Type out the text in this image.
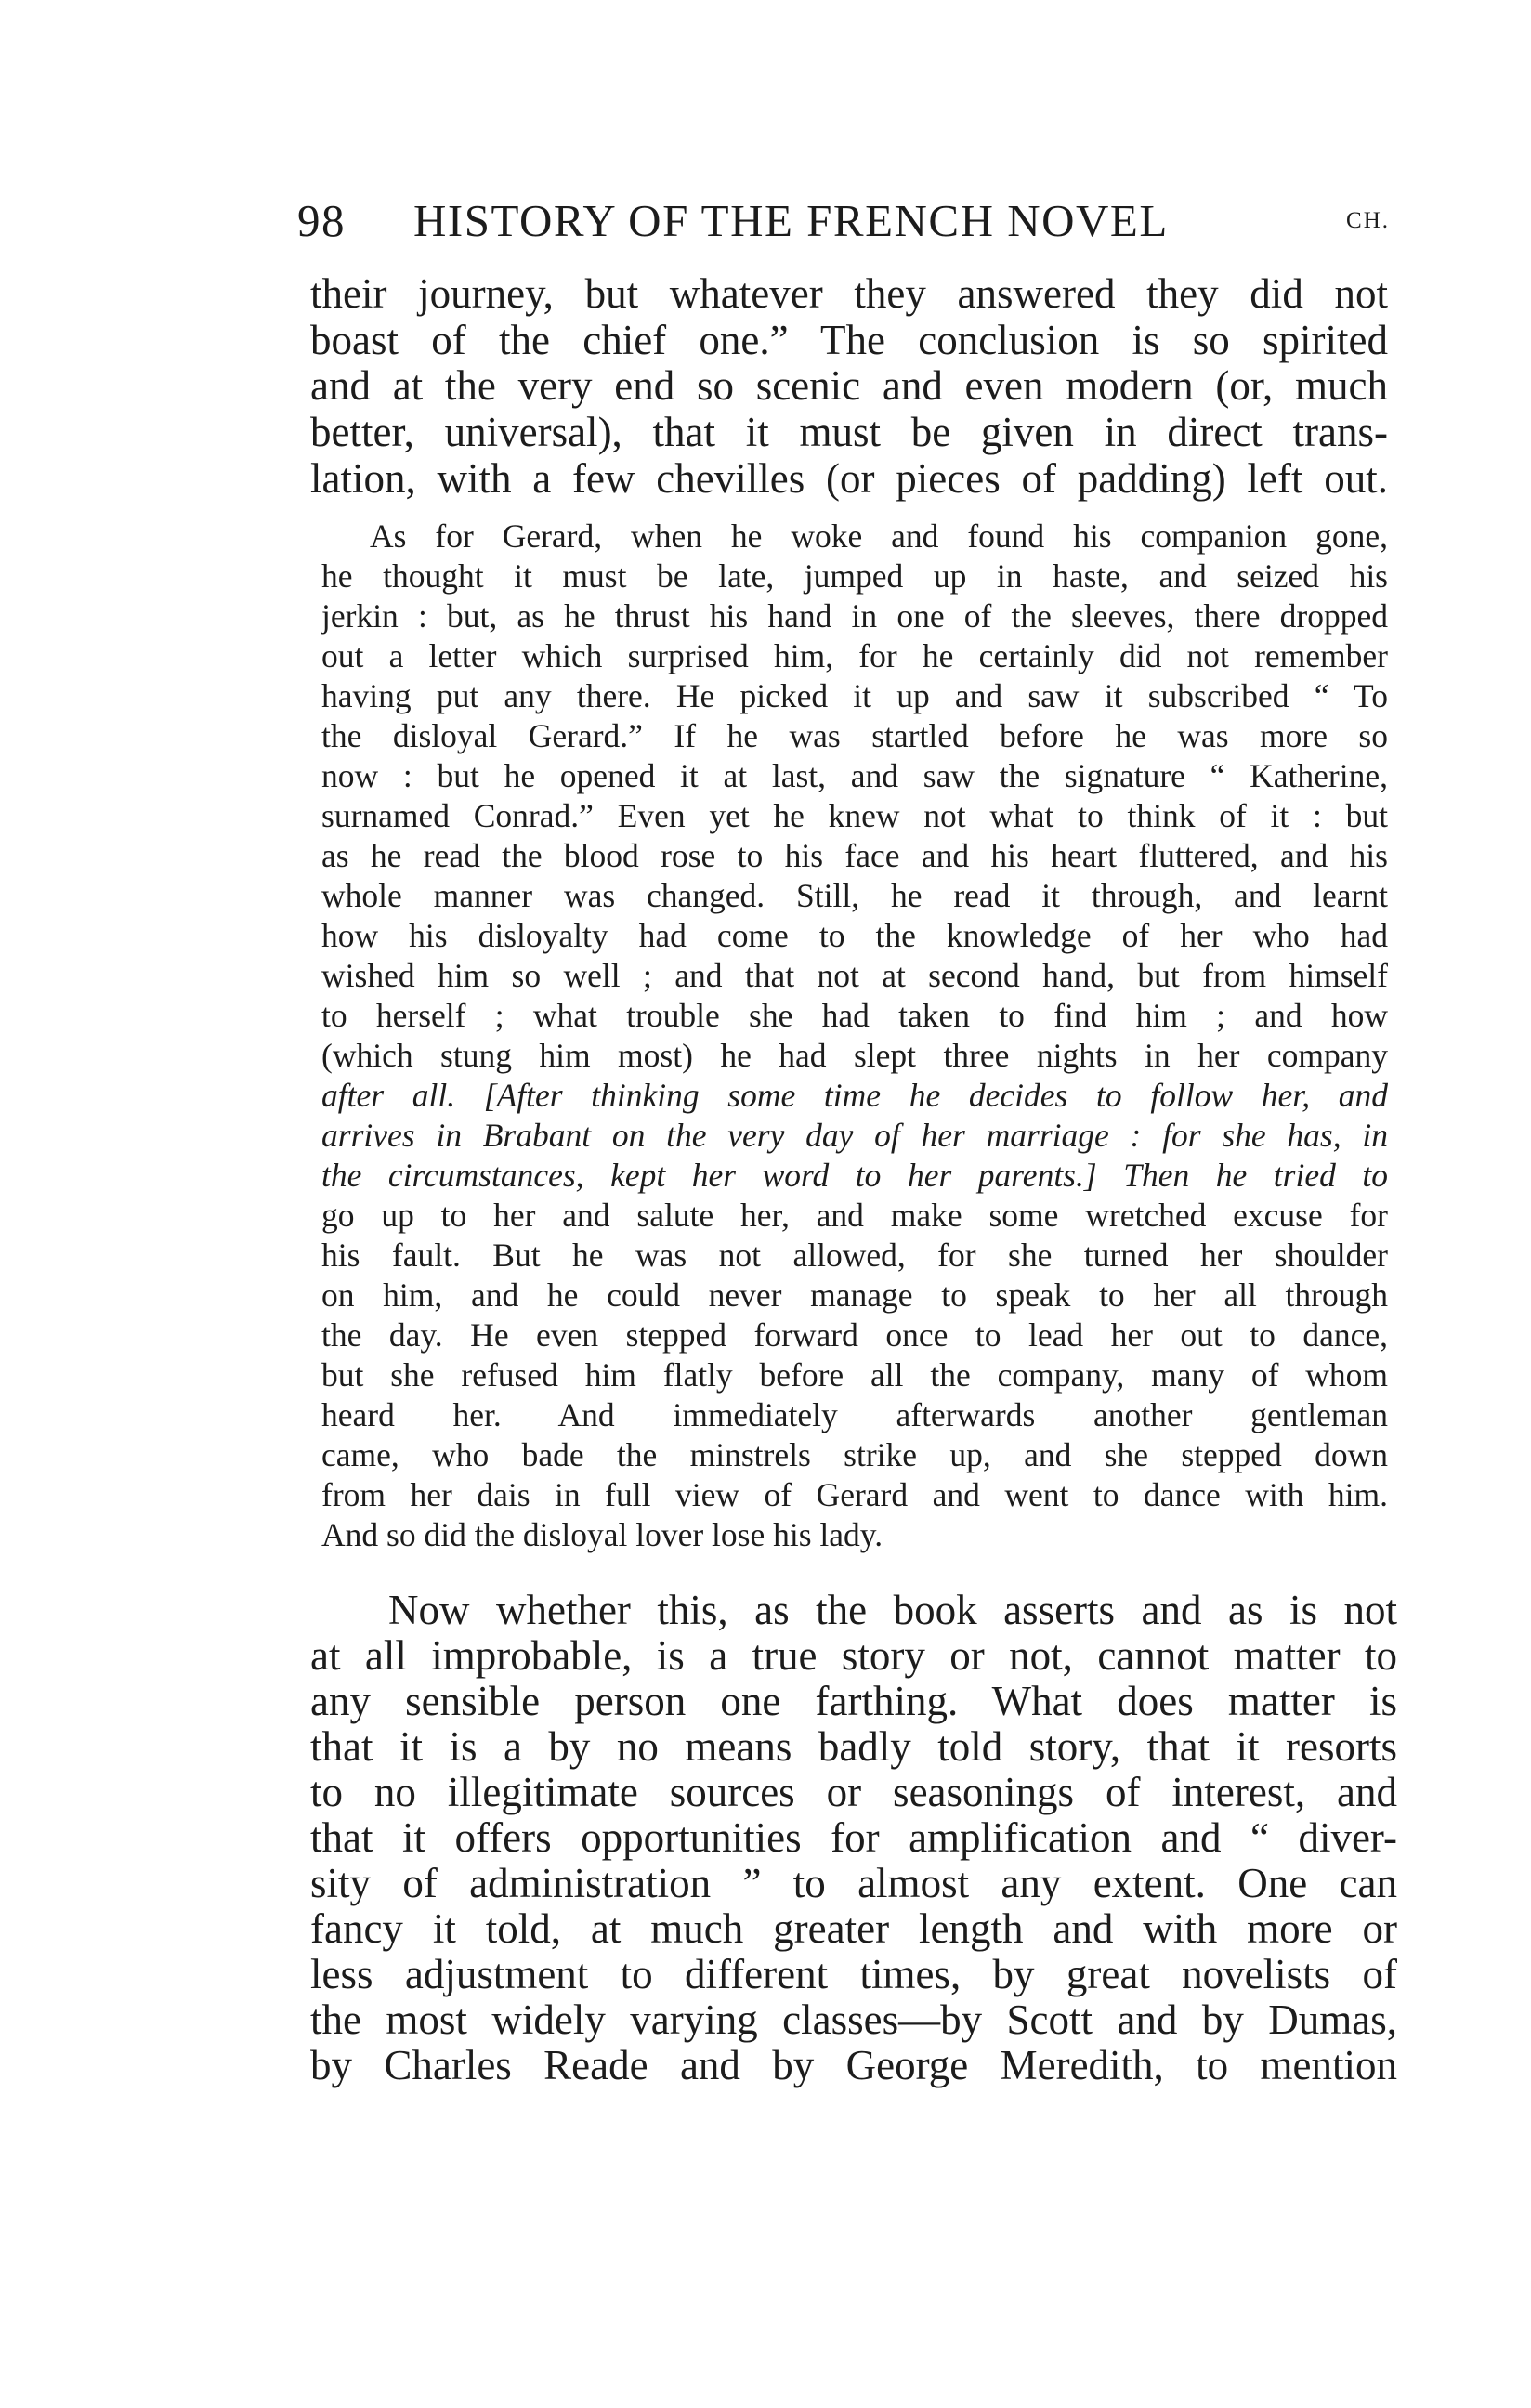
98 HISTORY OF THE FRENCH NOVEL	CH.
their journey, but whatever they answered they did not
boast of the chief one.” The conclusion is so spirited
and at the very end so scenic and even modern (or, much
better, universal), that it must be given in direct trans-
lation, with a few chevilles (or pieces of padding) left out.
As for Gerard, when he woke and found his companion gone,
he thought it must be late, jumped up in haste, and seized his
jerkin : but, as he thrust his hand in one of the sleeves, there dropped
out a letter which surprised him, for he certainly did not remember
having put any there. He picked it up and saw it subscribed “ To
the disloyal Gerard.” If he was startled before he was more so
now : but he opened it at last, and saw the signature “ Katherine,
surnamed Conrad.” Even yet he knew not what to think of it : but
as he read the blood rose to his face and his heart fluttered, and his
whole manner was changed. Still, he read it through, and learnt
how his disloyalty had come to the knowledge of her who had
wished him so well ; and that not at second hand, but from himself
to herself ; what trouble she had taken to find him ; and how
(which stung him most) he had slept three nights in her company
after all. [After thinking some time he decides to follow her, and
arrives in Brabant on the very day of her marriage : for she has, in
the circumstances, kept her word to her parents.] Then he tried to
go up to her and salute her, and make some wretched excuse for
his fault. But he was not allowed, for she turned her shoulder
on him, and he could never manage to speak to her all through
the day. He even stepped forward once to lead her out to dance,
but she refused him flatly before all the company, many of whom
heard her. And immediately afterwards another gentleman
came, who bade the minstrels strike up, and she stepped down
from her dais in full view of Gerard and went to dance with him.
And so did the disloyal lover lose his lady.
Now whether this, as the book asserts and as is not
at all improbable, is a true story or not, cannot matter to
any sensible person one farthing. What does matter is
that it is a by no means badly told story, that it resorts
to no illegitimate sources or seasonings of interest, and
that it offers opportunities for amplification and “ diver-
sity of administration ” to almost any extent. One can
fancy it told, at much greater length and with more or
less adjustment to different times, by great novelists of
the most widely varying classes—by Scott and by Dumas,
by Charles Reade and by George Meredith, to mention
